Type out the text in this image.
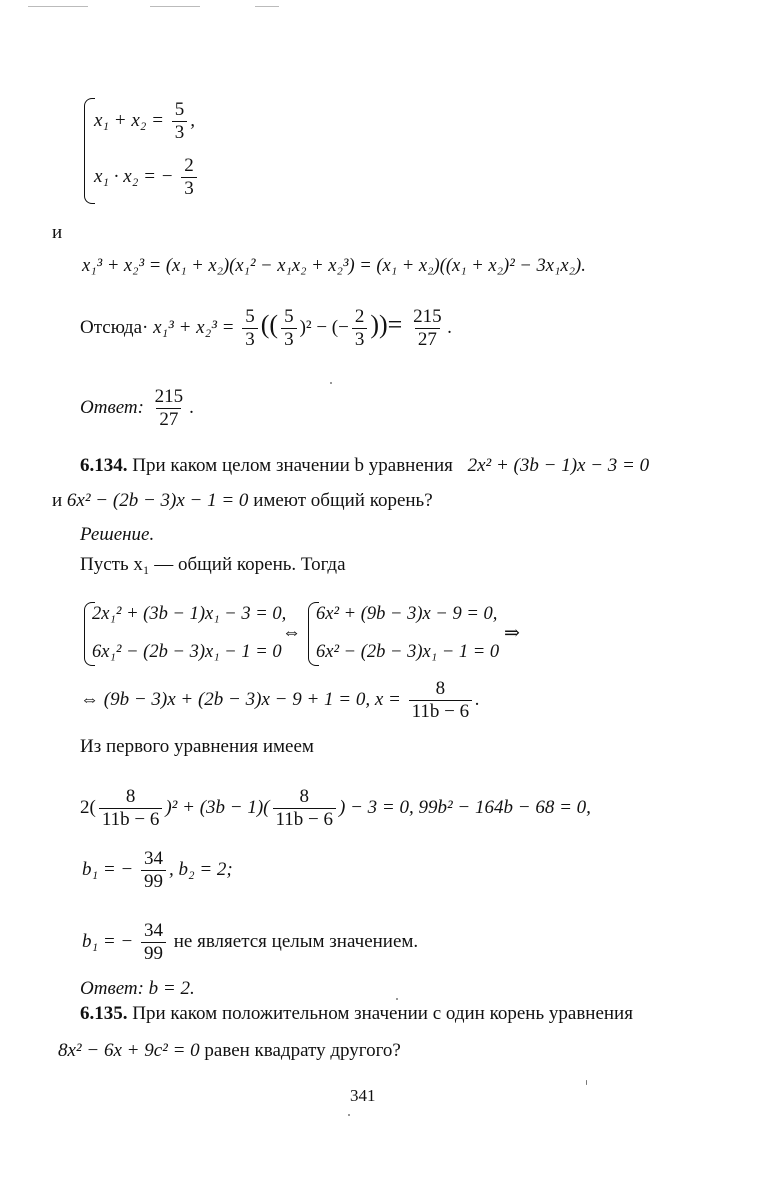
$x_1 + x_2 = \frac{5}{3}$ ,
x₁ · x₂ = − $\frac{2}{3}$
и
x₁³ + x₂³ = (x₁ + x₂)(x₁² − x₁x₂ + x₂³) = (x₁ + x₂)((x₁ + x₂)² − 3x₁x₂).
Отсюда· $x_1^3 + x_2^3 = \frac{5}{3}$ (( $\frac{5}{3} )^2$ − (− $\frac{2}{3}$ ))= $\frac{215}{27}$ .
Ответ: $\frac{215}{27}$ .
6.134. При каком целом значении b уравнения 2x² + (3b − 1)x − 3 = 0
и 6x² − (2b − 3)x − 1 = 0 имеют общий корень?
Решение.
Пусть x₁ — общий корень. Тогда
2x₁² + (3b − 1)x₁ − 3 = 0,
6x₁² − (2b − 3)x₁ − 1 = 0
⇔
6x² + (9b − 3)x − 9 = 0,
6x² − (2b − 3)x₁ − 1 = 0
⇒
⇔ (9b − 3)x + (2b − 3)x − 9 + 1 = 0, $x = \frac{8}{11b - 6}$ .
Из первого уравнения имеем
$2( \frac{8}{11b - 6} )^2 + (3b - 1)( \frac{8}{11b - 6}$ ) − 3 = 0, 99b² − 164b − 68 = 0,
b₁ = − $\frac{34}{99}$ , b₂ = 2;
b₁ = − $\frac{34}{99}$ не является целым значением.
Ответ: b = 2.
6.135. При каком положительном значении c один корень уравнения
8x² − 6x + 9c² = 0 равен квадрату другого?
341
